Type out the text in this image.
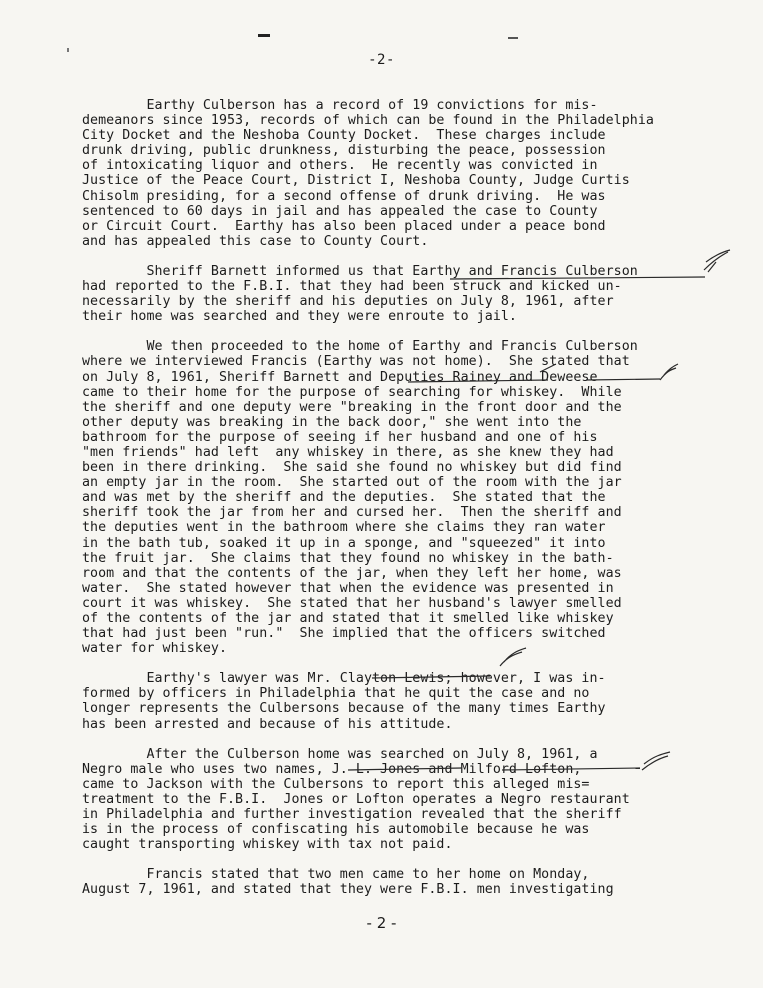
-2-

Earthy Culberson has a record of 19 convictions for mis-
demeanors since 1953, records of which can be found in the Philadelphia
City Docket and the Neshoba County Docket.  These charges include
drunk driving, public drunkness, disturbing the peace, possession
of intoxicating liquor and others.  He recently was convicted in
Justice of the Peace Court, District I, Neshoba County, Judge Curtis
Chisolm presiding, for a second offense of drunk driving.  He was
sentenced to 60 days in jail and has appealed the case to County
or Circuit Court.  Earthy has also been placed under a peace bond
and has appealed this case to County Court.

Sheriff Barnett informed us that Earthy and Francis Culberson
had reported to the F.B.I. that they had been struck and kicked un-
necessarily by the sheriff and his deputies on July 8, 1961, after
their home was searched and they were enroute to jail.

We then proceeded to the home of Earthy and Francis Culberson
where we interviewed Francis (Earthy was not home).  She stated that
on July 8, 1961, Sheriff Barnett and Deputies Rainey and Deweese
came to their home for the purpose of searching for whiskey.  While
the sheriff and one deputy were "breaking in the front door and the
other deputy was breaking in the back door," she went into the
bathroom for the purpose of seeing if her husband and one of his
"men friends" had left  any whiskey in there, as she knew they had
been in there drinking.  She said she found no whiskey but did find
an empty jar in the room.  She started out of the room with the jar
and was met by the sheriff and the deputies.  She stated that the
sheriff took the jar from her and cursed her.  Then the sheriff and
the deputies went in the bathroom where she claims they ran water
in the bath tub, soaked it up in a sponge, and "squeezed" it into
the fruit jar.  She claims that they found no whiskey in the bath-
room and that the contents of the jar, when they left her home, was
water.  She stated however that when the evidence was presented in
court it was whiskey.  She stated that her husband's lawyer smelled
of the contents of the jar and stated that it smelled like whiskey
that had just been "run."  She implied that the officers switched
water for whiskey.

Earthy's lawyer was Mr. Clayton Lewis; however, I was in-
formed by officers in Philadelphia that he quit the case and no
longer represents the Culbersons because of the many times Earthy
has been arrested and because of his attitude.

After the Culberson home was searched on July 8, 1961, a
Negro male who uses two names, J. L. Jones and Milford Lofton,
came to Jackson with the Culbersons to report this alleged mis=
treatment to the F.B.I.  Jones or Lofton operates a Negro restaurant
in Philadelphia and further investigation revealed that the sheriff
is in the process of confiscating his automobile because he was
caught transporting whiskey with tax not paid.

Francis stated that two men came to her home on Monday,
August 7, 1961, and stated that they were F.B.I. men investigating

- 2 -
